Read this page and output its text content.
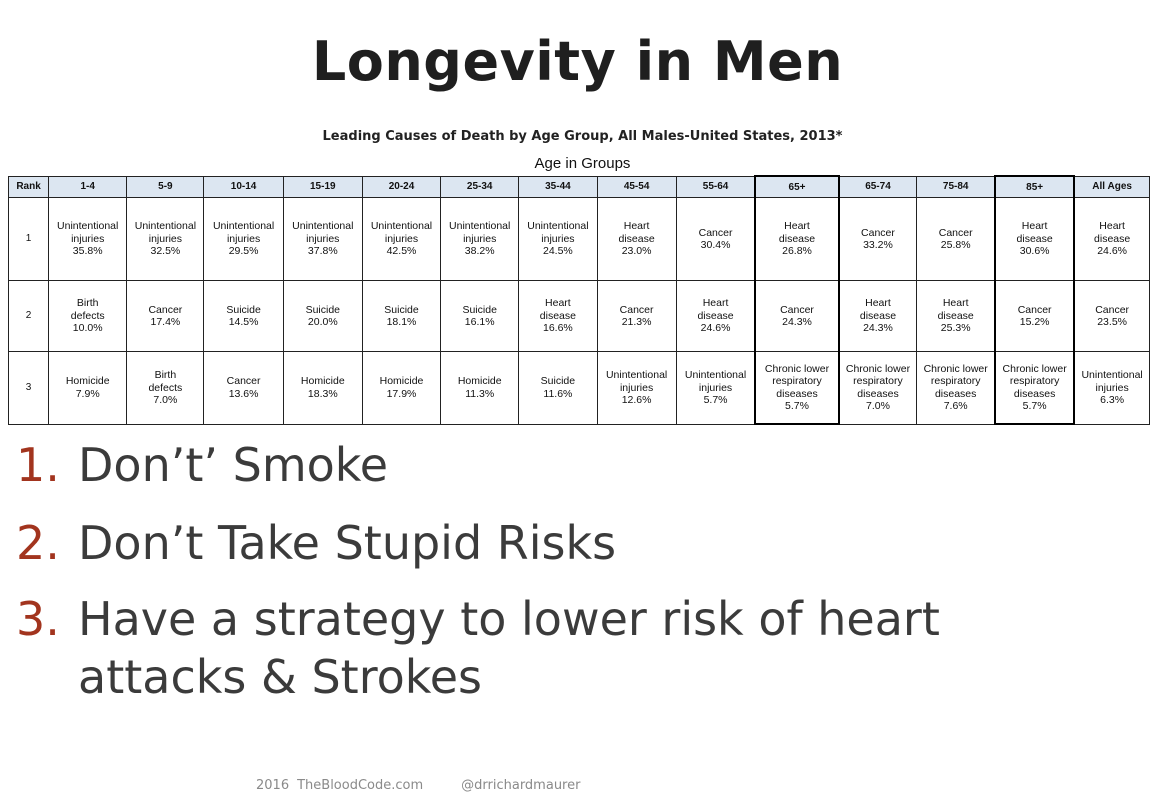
Longevity in Men
Leading Causes of Death by Age Group, All Males-United States, 2013*
Age in Groups
Rank	1-4	5-9	10-14	15-19	20-24	25-34	35-44	45-54	55-64	65+	65-74	75-84	85+	All Ages
1	Unintentional
injuries
35.8%	Unintentional
injuries
32.5%	Unintentional
injuries
29.5%	Unintentional
injuries
37.8%	Unintentional
injuries
42.5%	Unintentional
injuries
38.2%	Unintentional
injuries
24.5%	Heart
disease
23.0%	Cancer
30.4%	Heart
disease
26.8%	Cancer
33.2%	Cancer
25.8%	Heart
disease
30.6%	Heart
disease
24.6%

2	Birth
defects
10.0%	Cancer
17.4%	Suicide
14.5%	Suicide
20.0%	Suicide
18.1%	Suicide
16.1%	Heart
disease
16.6%	Cancer
21.3%	Heart
disease
24.6%	Cancer
24.3%	Heart
disease
24.3%	Heart
disease
25.3%	Cancer
15.2%	Cancer
23.5%

3	Homicide
7.9%	Birth
defects
7.0%	Cancer
13.6%	Homicide
18.3%	Homicide
17.9%	Homicide
11.3%	Suicide
11.6%	Unintentional
injuries
12.6%	Unintentional
injuries
5.7%	Chronic lower
respiratory
diseases
5.7%	Chronic lower
respiratory
diseases
7.0%	Chronic lower
respiratory
diseases
7.6%	Chronic lower
respiratory
diseases
5.7%	Unintentional
injuries
6.3%
1. Don’t’ Smoke
2. Don’t Take Stupid Risks
3. Have a strategy to lower risk of heart
attacks & Strokes
2016 TheBloodCode.com	@drrichardmaurer
